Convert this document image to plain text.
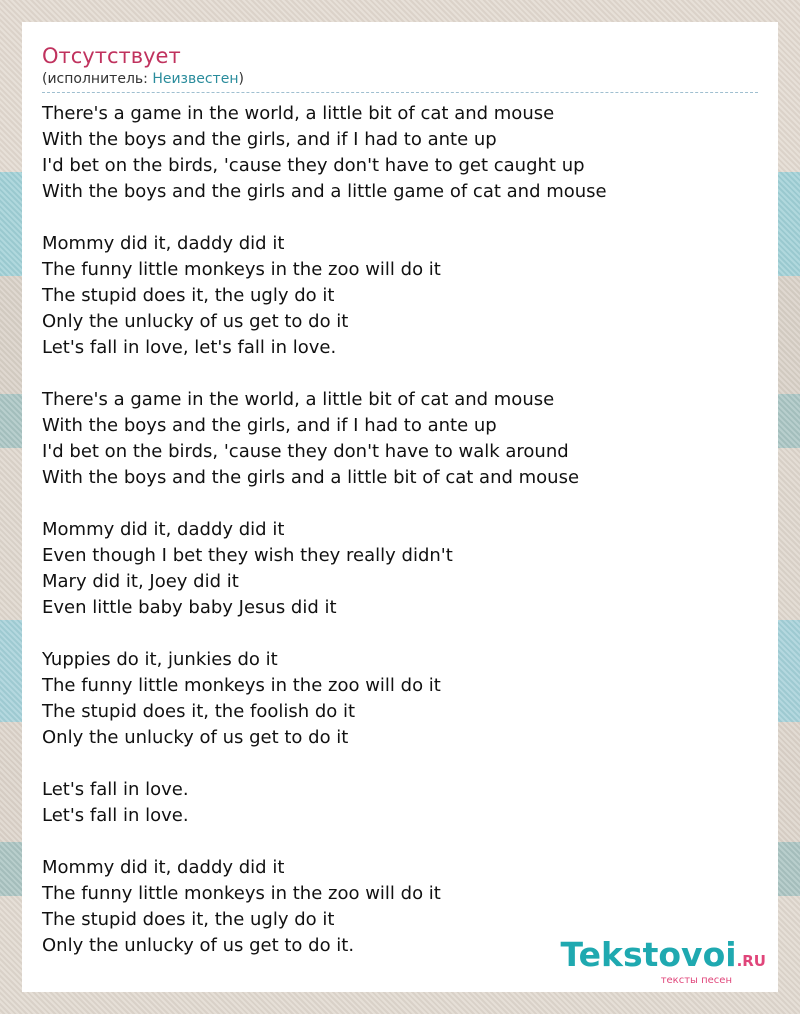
Отсутствует
(исполнитель: Неизвестен)
There's a game in the world, a little bit of cat and mouse
With the boys and the girls, and if I had to ante up
I'd bet on the birds, 'cause they don't have to get caught up
With the boys and the girls and a little game of cat and mouse
Mommy did it, daddy did it
The funny little monkeys in the zoo will do it
The stupid does it, the ugly do it
Only the unlucky of us get to do it
Let's fall in love, let's fall in love.
There's a game in the world, a little bit of cat and mouse
With the boys and the girls, and if I had to ante up
I'd bet on the birds, 'cause they don't have to walk around
With the boys and the girls and a little bit of cat and mouse
Mommy did it, daddy did it
Even though I bet they wish they really didn't
Mary did it, Joey did it
Even little baby baby Jesus did it
Yuppies do it, junkies do it
The funny little monkeys in the zoo will do it
The stupid does it, the foolish do it
Only the unlucky of us get to do it
Let's fall in love.
Let's fall in love.
Mommy did it, daddy did it
The funny little monkeys in the zoo will do it
The stupid does it, the ugly do it
Only the unlucky of us get to do it.	Tekstovoi.RU
тексты песен
